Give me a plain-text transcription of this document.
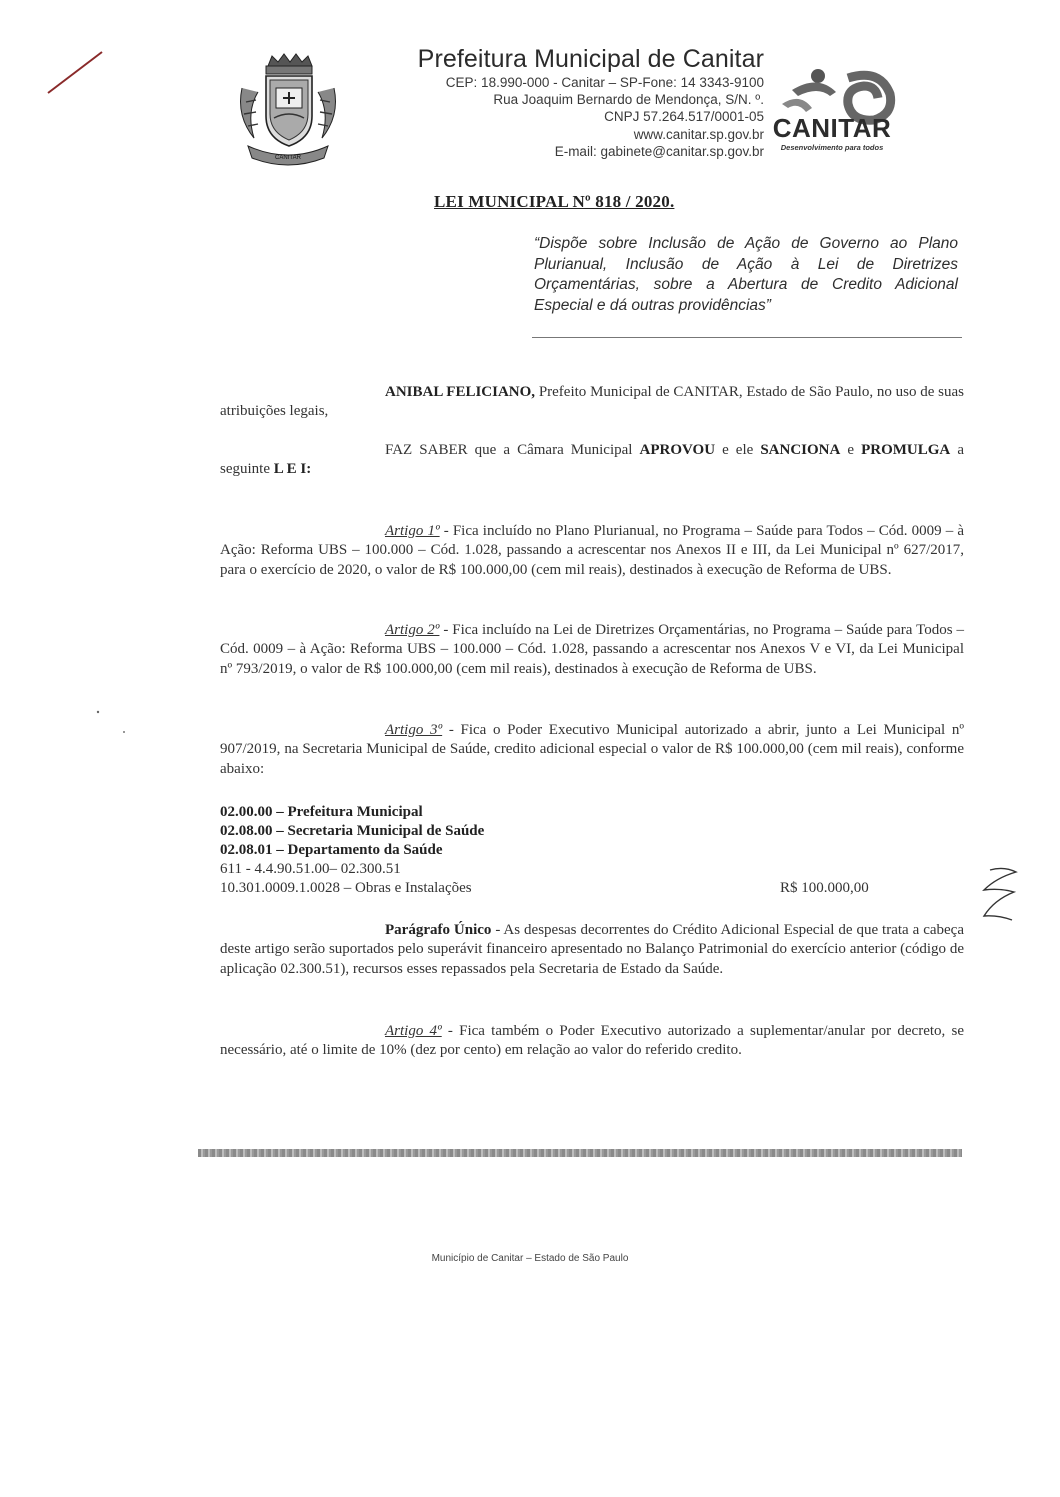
CANITAR
Prefeitura Municipal de Canitar
CEP: 18.990-000 - Canitar – SP-Fone: 14 3343-9100
Rua Joaquim Bernardo de Mendonça, S/N. º.
CNPJ 57.264.517/0001-05
www.canitar.sp.gov.br
E-mail: gabinete@canitar.sp.gov.br
CANITAR
Desenvolvimento para todos
LEI MUNICIPAL Nº 818 / 2020.
“Dispõe sobre Inclusão de Ação de Governo ao Plano Plurianual, Inclusão de Ação à Lei de Diretrizes Orçamentárias, sobre a Abertura de Credito Adicional Especial e dá outras providências”
ANIBAL FELICIANO, Prefeito Municipal de CANITAR, Estado de São Paulo, no uso de suas atribuições legais,
FAZ SABER que a Câmara Municipal APROVOU e ele SANCIONA e PROMULGA a seguinte L E I:
Artigo 1º - Fica incluído no Plano Plurianual, no Programa – Saúde para Todos – Cód. 0009 – à Ação: Reforma UBS – 100.000 – Cód. 1.028, passando a acrescentar nos Anexos II e III, da Lei Municipal nº 627/2017, para o exercício de 2020, o valor de R$ 100.000,00 (cem mil reais), destinados à execução de Reforma de UBS.
Artigo 2º - Fica incluído na Lei de Diretrizes Orçamentárias, no Programa – Saúde para Todos – Cód. 0009 – à Ação: Reforma UBS – 100.000 – Cód. 1.028, passando a acrescentar nos Anexos V e VI, da Lei Municipal nº 793/2019, o valor de R$ 100.000,00 (cem mil reais), destinados à execução de Reforma de UBS.
Artigo 3º - Fica o Poder Executivo Municipal autorizado a abrir, junto a Lei Municipal nº 907/2019, na Secretaria Municipal de Saúde, credito adicional especial o valor de R$ 100.000,00 (cem mil reais), conforme abaixo:
02.00.00 – Prefeitura Municipal
02.08.00 – Secretaria Municipal de Saúde
02.08.01 – Departamento da Saúde
611 - 4.4.90.51.00– 02.300.51
10.301.0009.1.0028 – Obras e Instalações	R$ 100.000,00
Parágrafo Único - As despesas decorrentes do Crédito Adicional Especial de que trata a cabeça deste artigo serão suportados pelo superávit financeiro apresentado no Balanço Patrimonial do exercício anterior (código de aplicação 02.300.51), recursos esses repassados pela Secretaria de Estado da Saúde.
Artigo 4º - Fica também o Poder Executivo autorizado a suplementar/anular por decreto, se necessário, até o limite de 10% (dez por cento) em relação ao valor do referido credito.
Município de Canitar – Estado de São Paulo
